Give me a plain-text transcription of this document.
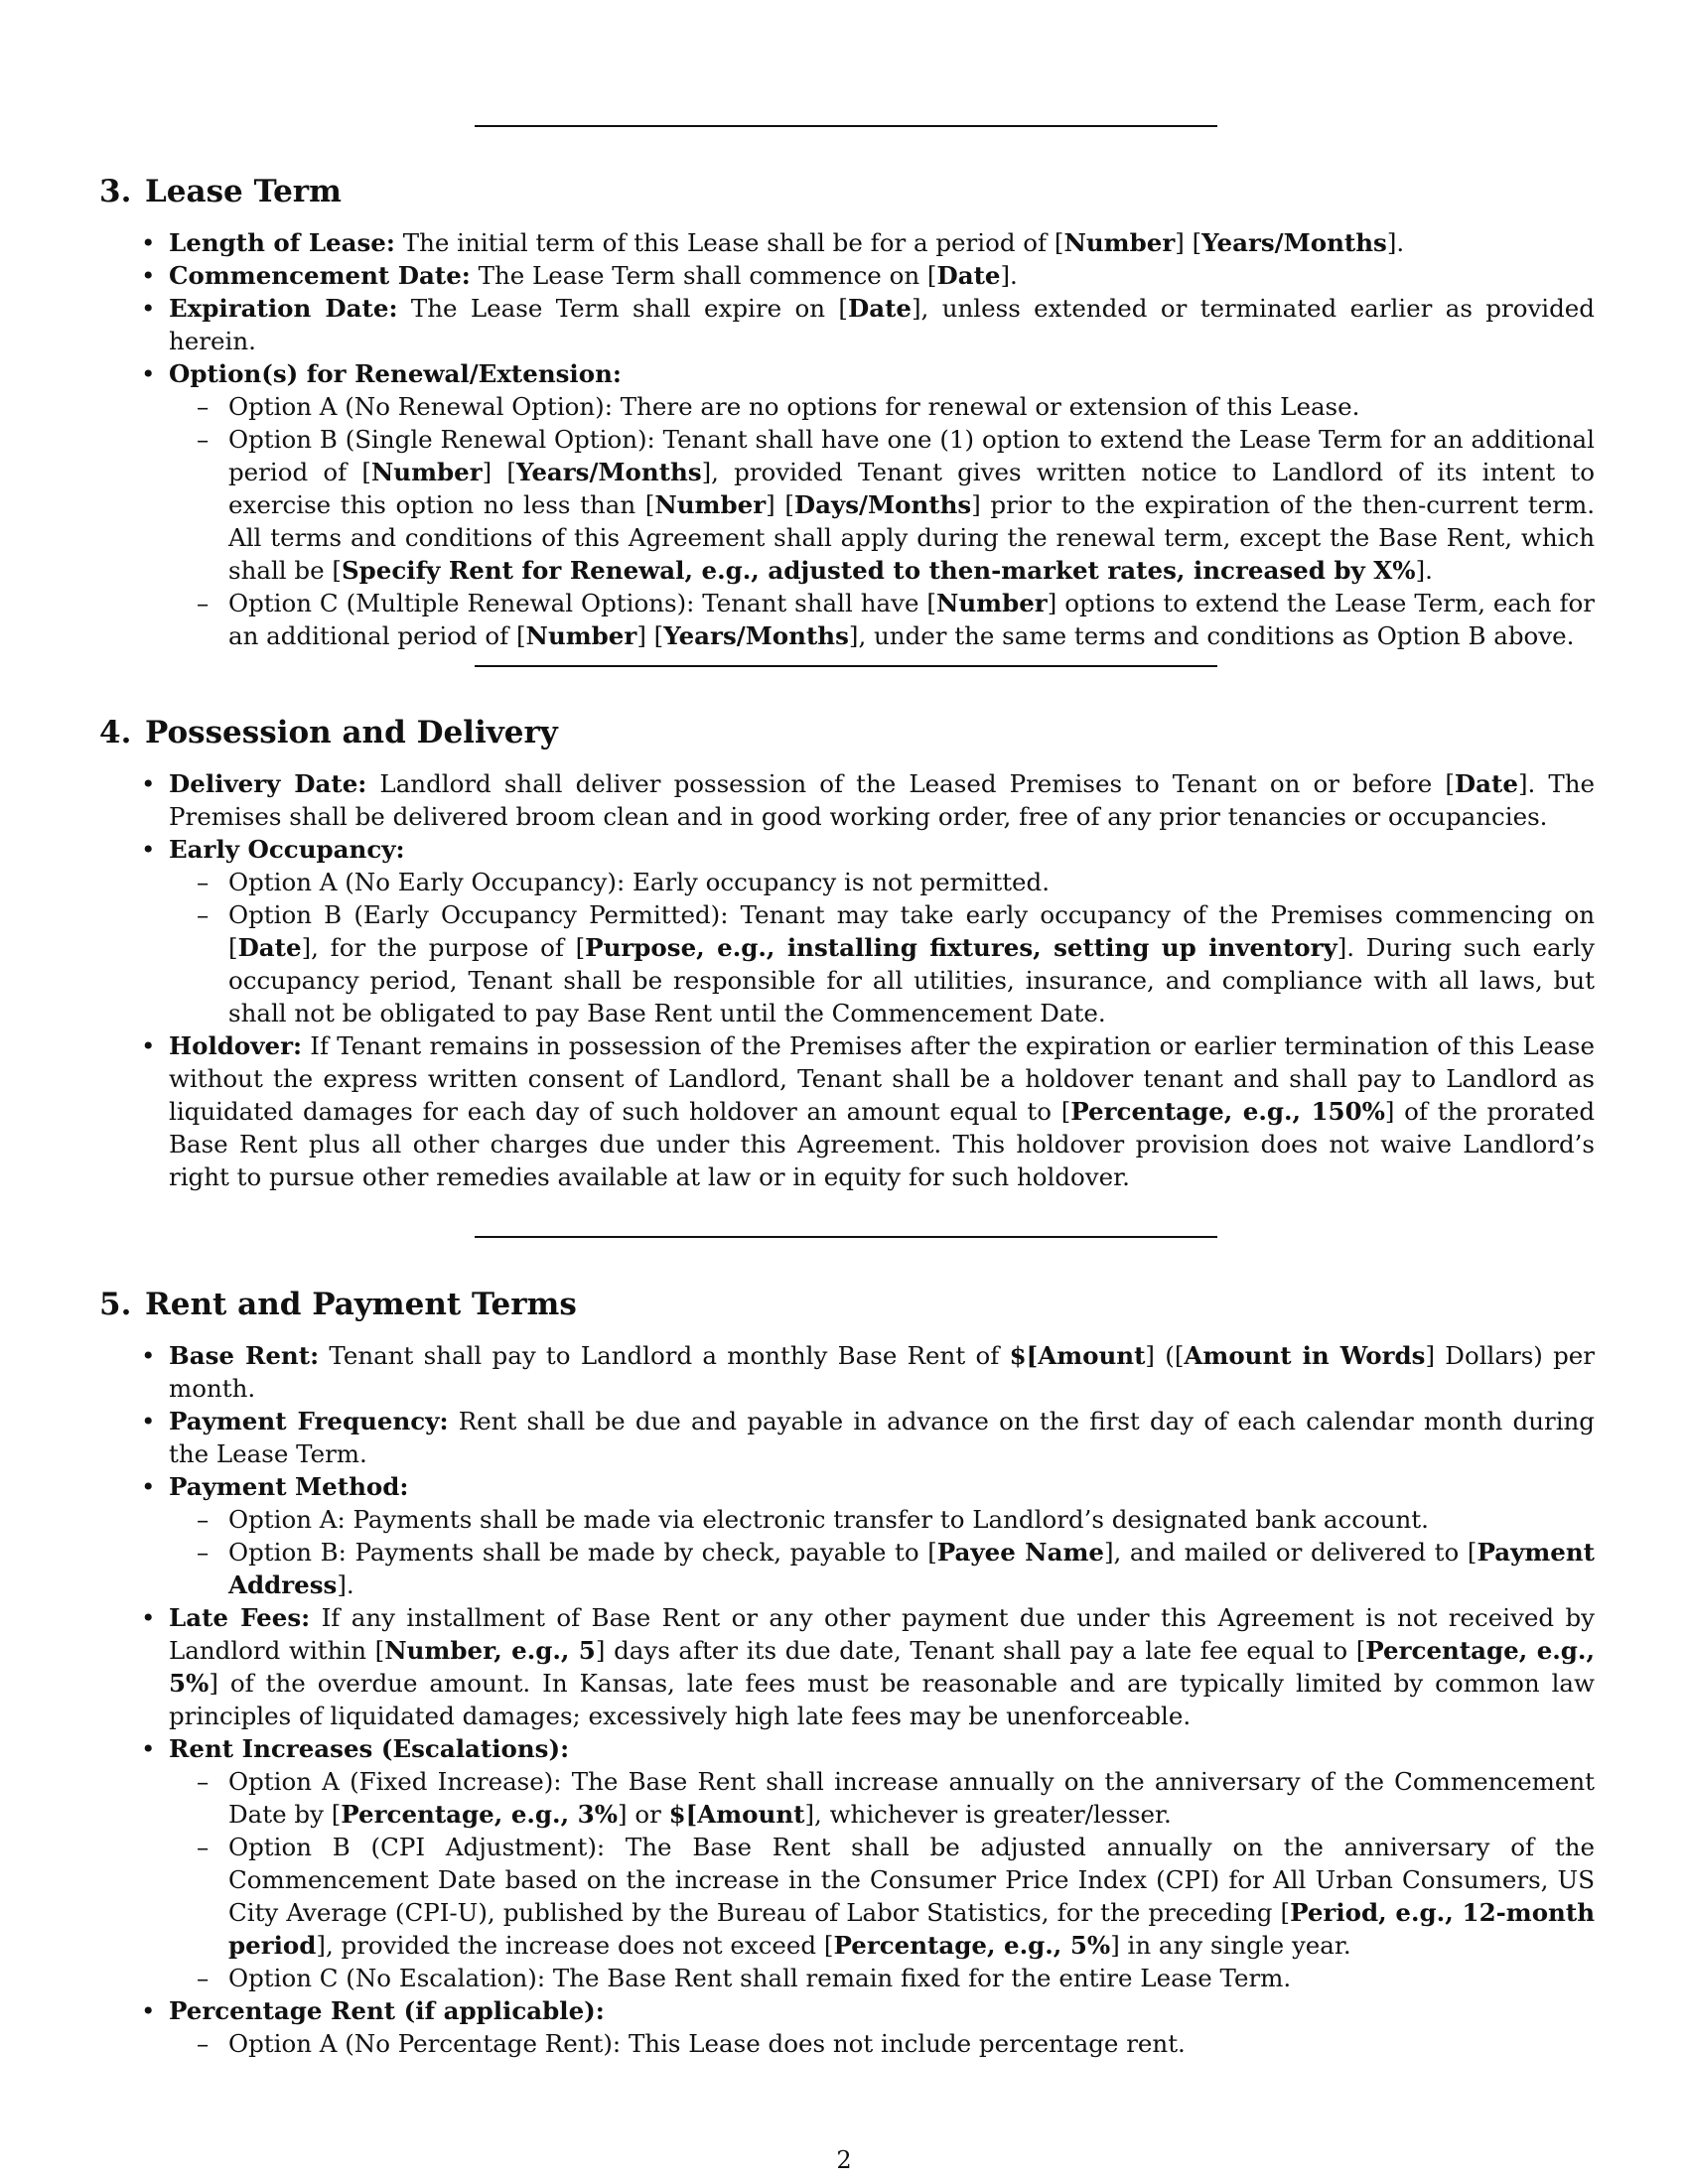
3. Lease Term
• Length of Lease: The initial term of this Lease shall be for a period of [Number] [Years/Months].
• Commencement Date: The Lease Term shall commence on [Date].
• Expiration Date: The Lease Term shall expire on [Date], unless extended or terminated earlier as provided herein.
• Option(s) for Renewal/Extension:
– Option A (No Renewal Option): There are no options for renewal or extension of this Lease.
– Option B (Single Renewal Option): Tenant shall have one (1) option to extend the Lease Term for an additional period of [Number] [Years/Months], provided Tenant gives written notice to Landlord of its intent to exercise this option no less than [Number] [Days/Months] prior to the expiration of the then-current term. All terms and conditions of this Agreement shall apply during the renewal term, except the Base Rent, which shall be [Specify Rent for Renewal, e.g., adjusted to then-market rates, increased by X%].
– Option C (Multiple Renewal Options): Tenant shall have [Number] options to extend the Lease Term, each for an additional period of [Number] [Years/Months], under the same terms and conditions as Option B above.
4. Possession and Delivery
• Delivery Date: Landlord shall deliver possession of the Leased Premises to Tenant on or before [Date]. The Premises shall be delivered broom clean and in good working order, free of any prior tenancies or occupancies.
• Early Occupancy:
– Option A (No Early Occupancy): Early occupancy is not permitted.
– Option B (Early Occupancy Permitted): Tenant may take early occupancy of the Premises commencing on [Date], for the purpose of [Purpose, e.g., installing fixtures, setting up inventory]. During such early occupancy period, Tenant shall be responsible for all utilities, insurance, and compliance with all laws, but shall not be obligated to pay Base Rent until the Commencement Date.
• Holdover: If Tenant remains in possession of the Premises after the expiration or earlier termination of this Lease without the express written consent of Landlord, Tenant shall be a holdover tenant and shall pay to Landlord as liquidated damages for each day of such holdover an amount equal to [Percentage, e.g., 150%] of the prorated Base Rent plus all other charges due under this Agreement. This holdover provision does not waive Landlord’s right to pursue other remedies available at law or in equity for such holdover.
5. Rent and Payment Terms
• Base Rent: Tenant shall pay to Landlord a monthly Base Rent of $[Amount] ([Amount in Words] Dollars) per month.
• Payment Frequency: Rent shall be due and payable in advance on the first day of each calendar month during the Lease Term.
• Payment Method:
– Option A: Payments shall be made via electronic transfer to Landlord’s designated bank account.
– Option B: Payments shall be made by check, payable to [Payee Name], and mailed or delivered to [Payment Address].
• Late Fees: If any installment of Base Rent or any other payment due under this Agreement is not received by Landlord within [Number, e.g., 5] days after its due date, Tenant shall pay a late fee equal to [Percentage, e.g., 5%] of the overdue amount. In Kansas, late fees must be reasonable and are typically limited by common law principles of liquidated damages; excessively high late fees may be unenforceable.
• Rent Increases (Escalations):
– Option A (Fixed Increase): The Base Rent shall increase annually on the anniversary of the Commencement Date by [Percentage, e.g., 3%] or $[Amount], whichever is greater/lesser.
– Option B (CPI Adjustment): The Base Rent shall be adjusted annually on the anniversary of the Commencement Date based on the increase in the Consumer Price Index (CPI) for All Urban Consumers, US City Average (CPI-U), published by the Bureau of Labor Statistics, for the preceding [Period, e.g., 12-month period], provided the increase does not exceed [Percentage, e.g., 5%] in any single year.
– Option C (No Escalation): The Base Rent shall remain fixed for the entire Lease Term.
• Percentage Rent (if applicable):
– Option A (No Percentage Rent): This Lease does not include percentage rent.
2
